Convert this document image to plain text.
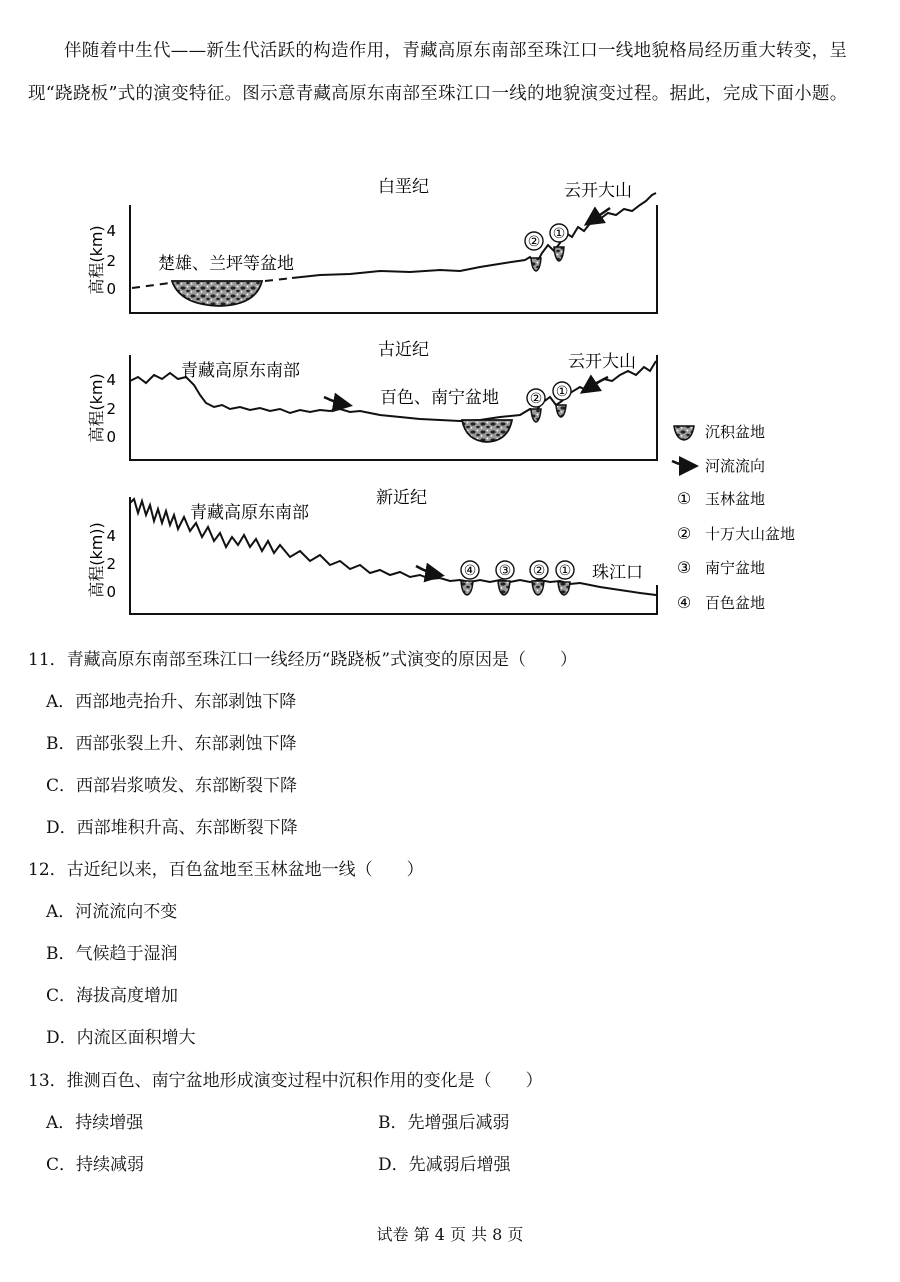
伴随着中生代——新生代活跃的构造作用，青藏高原东南部至珠江口一线地貌格局经历重大转变，呈现“跷跷板”式的演变特征。图示意青藏高原东南部至珠江口一线的地貌演变过程。据此，完成下面小题。
白垩纪
4
2
0
高程(km)	② ①
楚雄、兰坪等盆地
云开大山
古近纪
4
2
0
高程(km)	② ①
青藏高原东南部
百色、南宁盆地
云开大山
新近纪
4
2
0
高程(km))	④ ③ ② ①
青藏高原东南部
珠江口
沉积盆地
河流流向
① 玉林盆地
② 十万大山盆地
③ 南宁盆地
④ 百色盆地
11．青藏高原东南部至珠江口一线经历“跷跷板”式演变的原因是（　　）
A．西部地壳抬升、东部剥蚀下降
B．西部张裂上升、东部剥蚀下降
C．西部岩浆喷发、东部断裂下降
D．西部堆积升高、东部断裂下降
12．古近纪以来，百色盆地至玉林盆地一线（　　）
A．河流流向不变
B．气候趋于湿润
C．海拔高度增加
D．内流区面积增大
13．推测百色、南宁盆地形成演变过程中沉积作用的变化是（　　）
A．持续增强	B．先增强后减弱
C．持续减弱	D．先减弱后增强
试卷 第 4 页 共 8 页
